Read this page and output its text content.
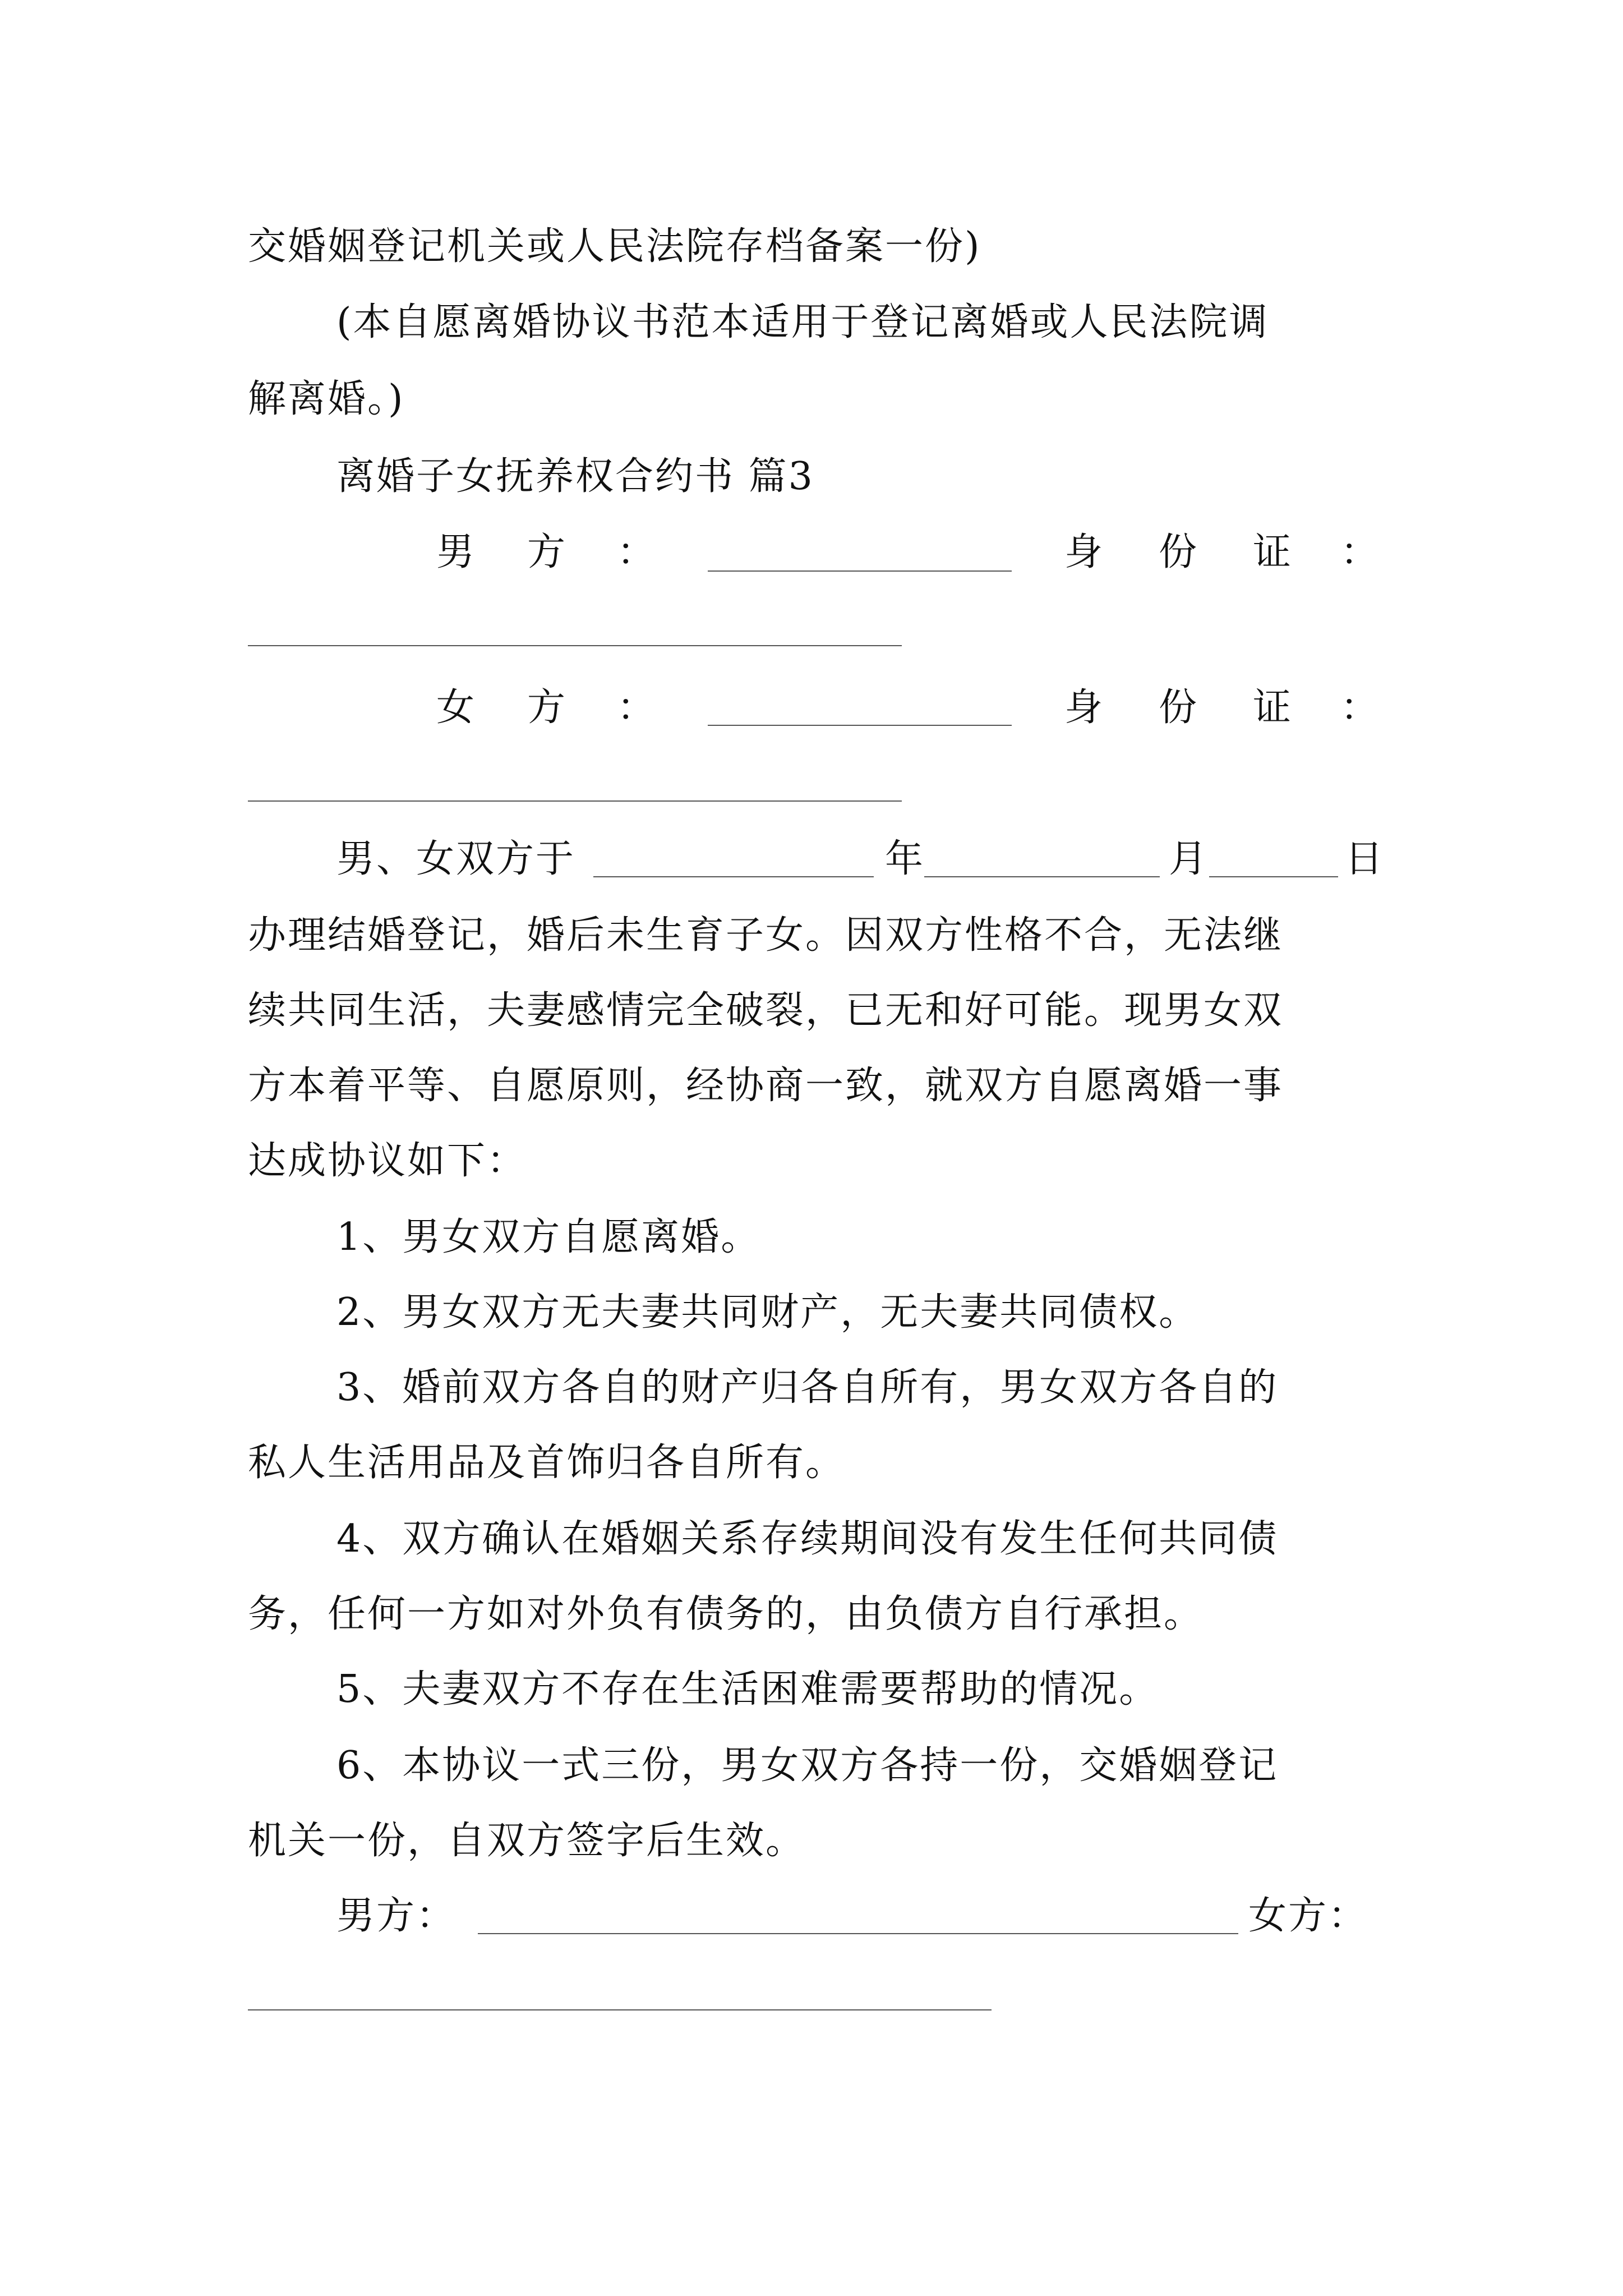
交婚姻登记机关或人民法院存档备案一份)
(本自愿离婚协议书范本适用于登记离婚或人民法院调
解离婚。)
离婚子女抚养权合约书 篇3
男 方 ：	身 份 证 ：
女 方 ：	身 份 证 ：
男、女双方于	年	月	日
办理结婚登记，婚后未生育子女。因双方性格不合，无法继
续共同生活，夫妻感情完全破裂，已无和好可能。现男女双
方本着平等、自愿原则，经协商一致，就双方自愿离婚一事
达成协议如下：
1、男女双方自愿离婚。
2、男女双方无夫妻共同财产，无夫妻共同债权。
3、婚前双方各自的财产归各自所有，男女双方各自的
私人生活用品及首饰归各自所有。
4、双方确认在婚姻关系存续期间没有发生任何共同债
务，任何一方如对外负有债务的，由负债方自行承担。
5、夫妻双方不存在生活困难需要帮助的情况。
6、本协议一式三份，男女双方各持一份，交婚姻登记
机关一份，自双方签字后生效。
男方：	女方：
